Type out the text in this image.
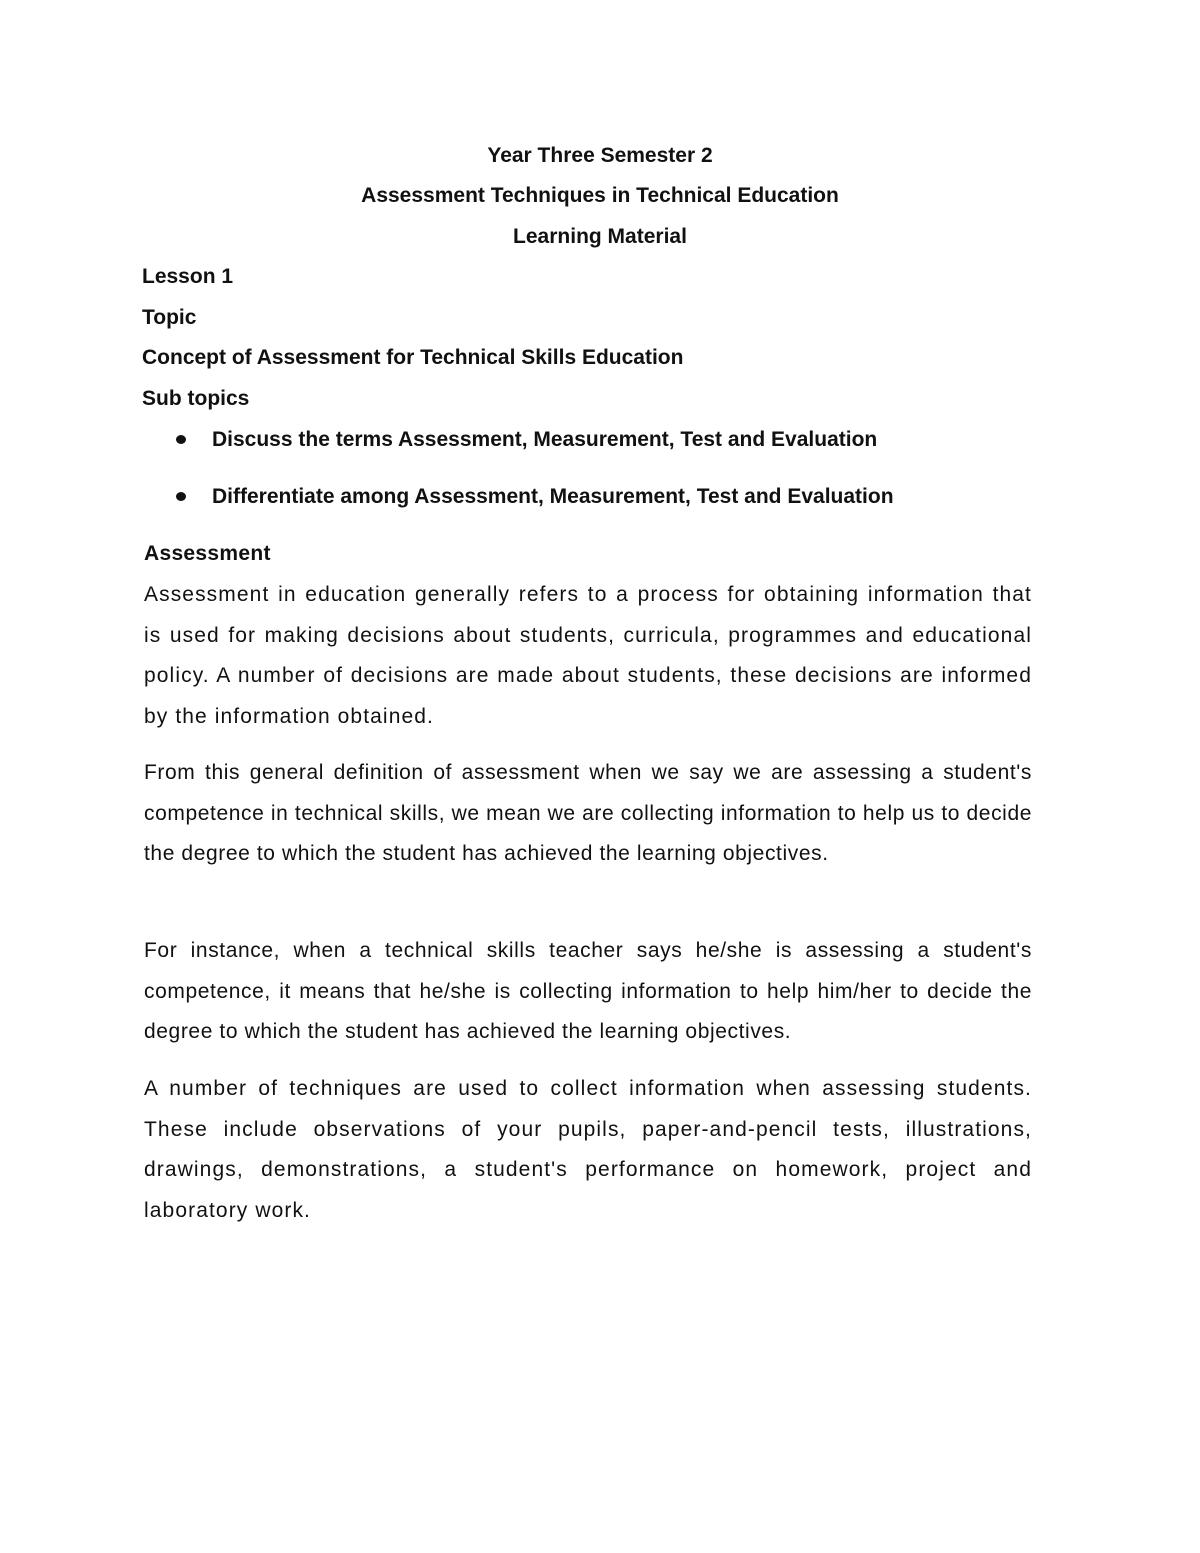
Year Three Semester 2
Assessment Techniques in Technical Education
Learning Material
Lesson 1
Topic
Concept of Assessment for Technical Skills Education
Sub topics
Discuss the terms Assessment, Measurement, Test and Evaluation
Differentiate among Assessment, Measurement, Test and Evaluation
Assessment

Assessment in education generally refers to a process for obtaining information that is used for making decisions about students, curricula, programmes and educational policy. A number of decisions are made about students, these decisions are informed by the information obtained.

From this general definition of assessment when we say we are assessing a student's competence in technical skills, we mean we are collecting information to help us to decide the degree to which the student has achieved the learning objectives.

For instance, when a technical skills teacher says he/she is assessing a student's competence, it means that he/she is collecting information to help him/her to decide the degree to which the student has achieved the learning objectives.

A number of techniques are used to collect information when assessing students. These include observations of your pupils, paper-and-pencil tests, illustrations, drawings, demonstrations, a student's performance on homework, project and laboratory work.
